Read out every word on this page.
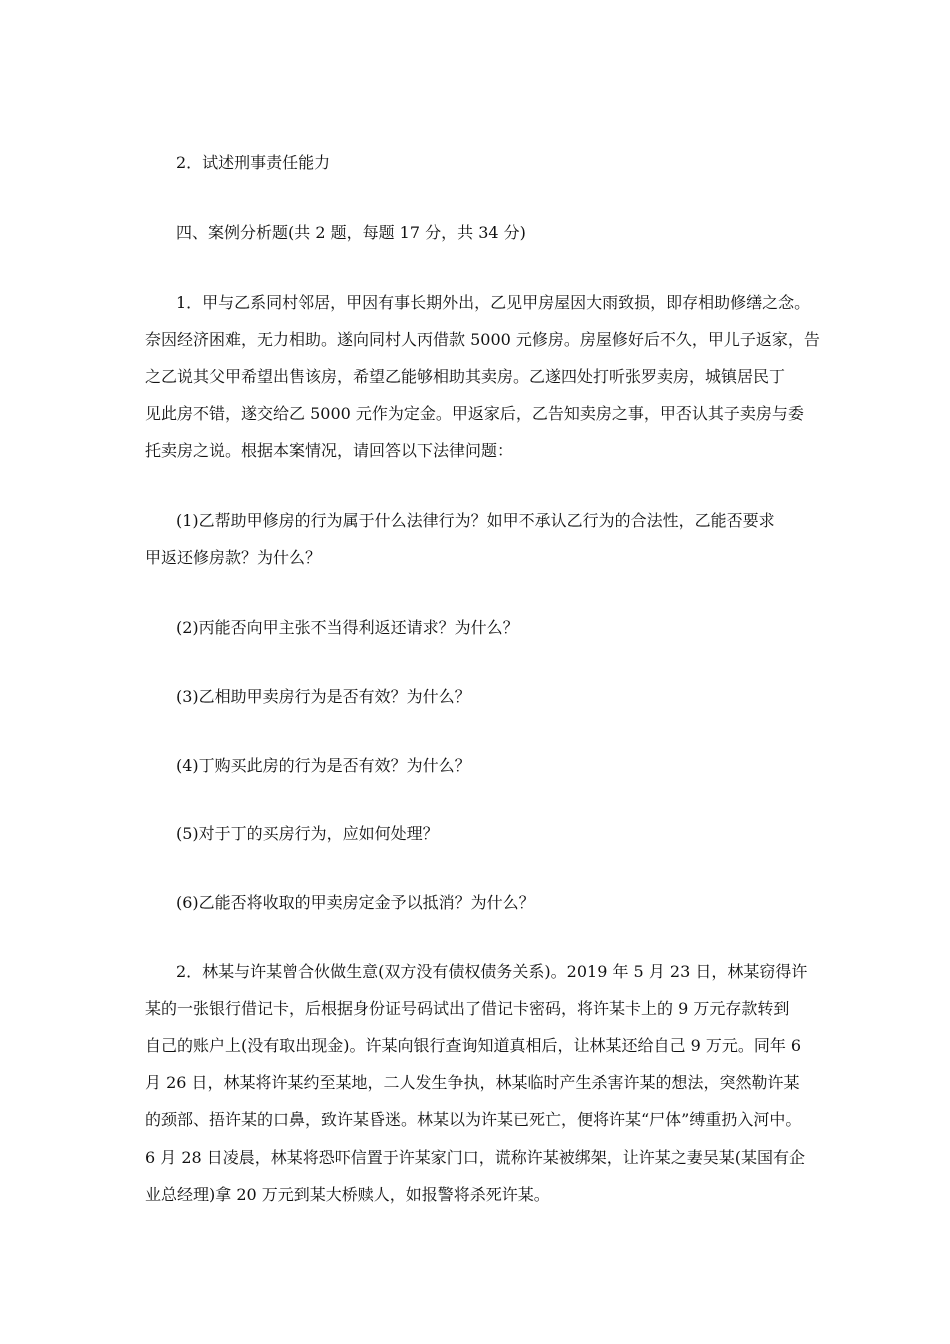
2．试述刑事责任能力
四、案例分析题(共 2 题，每题 17 分，共 34 分)
1．甲与乙系同村邻居，甲因有事长期外出，乙见甲房屋因大雨致损，即存相助修缮之念。
奈因经济困难，无力相助。遂向同村人丙借款 5000 元修房。房屋修好后不久，甲儿子返家，告
之乙说其父甲希望出售该房，希望乙能够相助其卖房。乙遂四处打听张罗卖房，城镇居民丁
见此房不错，遂交给乙 5000 元作为定金。甲返家后，乙告知卖房之事，甲否认其子卖房与委
托卖房之说。根据本案情况，请回答以下法律问题：
(1)乙帮助甲修房的行为属于什么法律行为？如甲不承认乙行为的合法性，乙能否要求
甲返还修房款？为什么？
(2)丙能否向甲主张不当得利返还请求？为什么？
(3)乙相助甲卖房行为是否有效？为什么？
(4)丁购买此房的行为是否有效？为什么？
(5)对于丁的买房行为，应如何处理？
(6)乙能否将收取的甲卖房定金予以抵消？为什么？
2．林某与许某曾合伙做生意(双方没有债权债务关系)。2019 年 5 月 23 日，林某窃得许
某的一张银行借记卡，后根据身份证号码试出了借记卡密码，将许某卡上的 9 万元存款转到
自己的账户上(没有取出现金)。许某向银行查询知道真相后，让林某还给自己 9 万元。同年 6
月 26 日，林某将许某约至某地，二人发生争执，林某临时产生杀害许某的想法，突然勒许某
的颈部、捂许某的口鼻，致许某昏迷。林某以为许某已死亡，便将许某“尸体”缚重扔入河中。
6 月 28 日凌晨，林某将恐吓信置于许某家门口，谎称许某被绑架，让许某之妻吴某(某国有企
业总经理)拿 20 万元到某大桥赎人，如报警将杀死许某。
